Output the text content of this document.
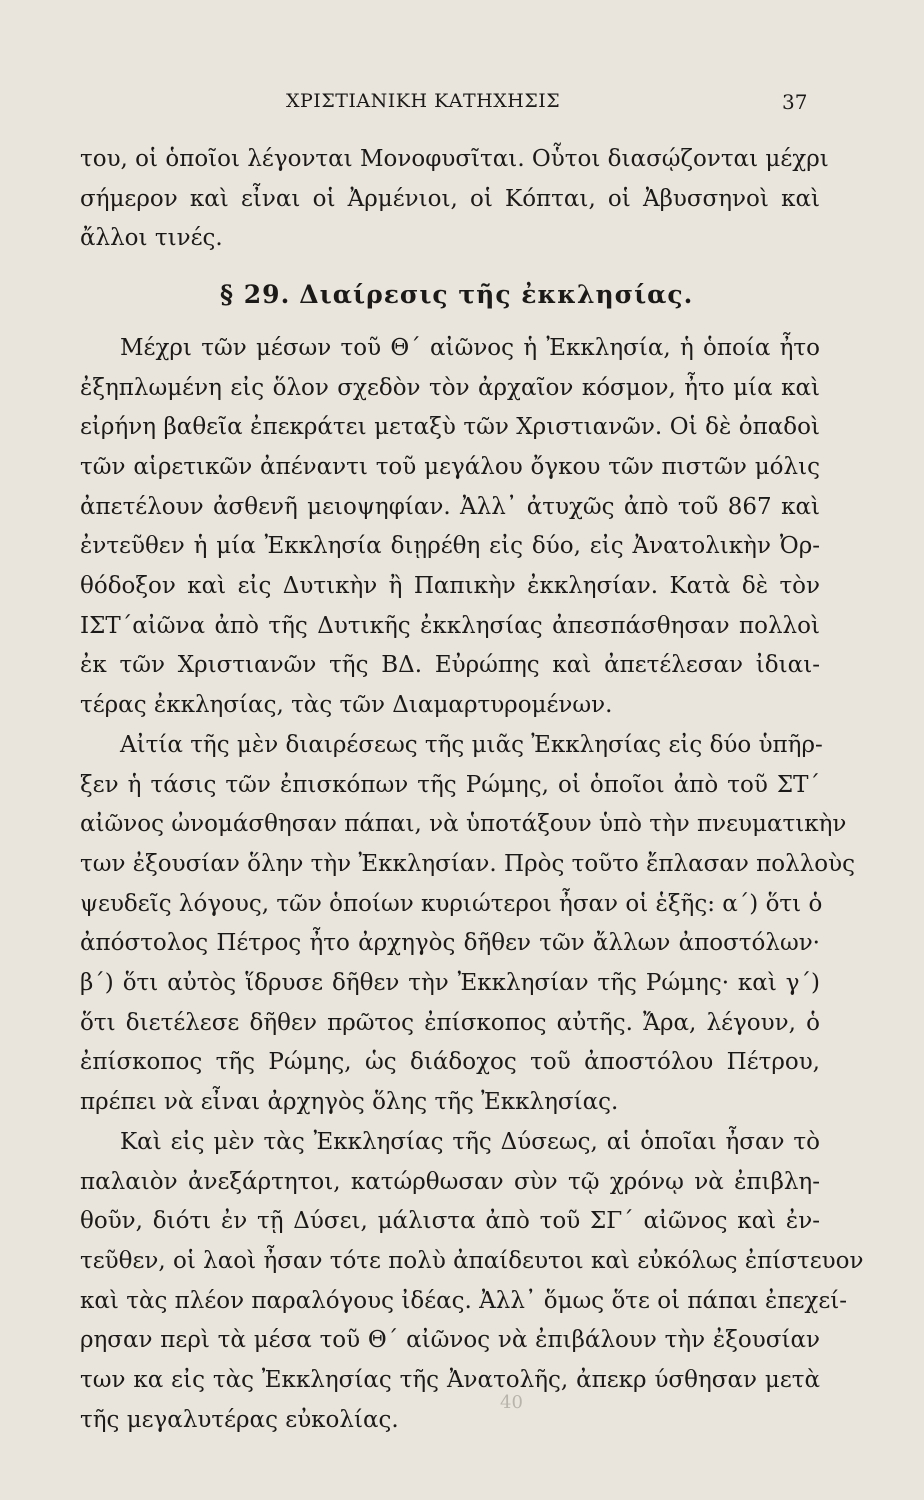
ΧΡΙΣΤΙΑΝΙΚΗ ΚΑΤΗΧΗΣΙΣ	37
του, οἱ ὁποῖοι λέγονται Μονοφυσῖται. Οὗτοι διασῴζονται μέχρι
σήμερον καὶ εἶναι οἱ Ἀρμένιοι, οἱ Κόπται, οἱ Ἀβυσσηνοὶ καὶ
ἄλλοι τινές.
§ 29. Διαίρεσις τῆς ἐκκλησίας.
Μέχρι τῶν μέσων τοῦ Θ΄ αἰῶνος ἡ Ἐκκλησία, ἡ ὁποία ἦτο
ἐξηπλωμένη εἰς ὅλον σχεδὸν τὸν ἀρχαῖον κόσμον, ἦτο μία καὶ
εἰρήνη βαθεῖα ἐπεκράτει μεταξὺ τῶν Χριστιανῶν. Οἱ δὲ ὀπαδοὶ
τῶν αἱρετικῶν ἀπέναντι τοῦ μεγάλου ὄγκου τῶν πιστῶν μόλις
ἀπετέλουν ἀσθενῆ μειοψηφίαν. Ἀλλ᾽ ἀτυχῶς ἀπὸ τοῦ 867 καὶ
ἐντεῦθεν ἡ μία Ἐκκλησία διῃρέθη εἰς δύο, εἰς Ἀνατολικὴν Ὀρ-
θόδοξον καὶ εἰς Δυτικὴν ἢ Παπικὴν ἐκκλησίαν. Κατὰ δὲ τὸν
ΙΣΤ΄αἰῶνα ἀπὸ τῆς Δυτικῆς ἐκκλησίας ἀπεσπάσθησαν πολλοὶ
ἐκ τῶν Χριστιανῶν τῆς ΒΔ. Εὐρώπης καὶ ἀπετέλεσαν ἰδιαι-
τέρας ἐκκλησίας, τὰς τῶν Διαμαρτυρομένων.
Αἰτία τῆς μὲν διαιρέσεως τῆς μιᾶς Ἐκκλησίας εἰς δύο ὑπῆρ-
ξεν ἡ τάσις τῶν ἐπισκόπων τῆς Ρώμης, οἱ ὁποῖοι ἀπὸ τοῦ ΣΤ΄
αἰῶνος ὠνομάσθησαν πάπαι, νὰ ὑποτάξουν ὑπὸ τὴν πνευματικὴν
των ἐξουσίαν ὅλην τὴν Ἐκκλησίαν. Πρὸς τοῦτο ἔπλασαν πολλοὺς
ψευδεῖς λόγους, τῶν ὁποίων κυριώτεροι ἦσαν οἱ ἑξῆς: α΄) ὅτι ὁ
ἀπόστολος Πέτρος ἦτο ἀρχηγὸς δῆθεν τῶν ἄλλων ἀποστόλων·
β΄) ὅτι αὐτὸς ἵδρυσε δῆθεν τὴν Ἐκκλησίαν τῆς Ρώμης· καὶ γ΄)
ὅτι διετέλεσε δῆθεν πρῶτος ἐπίσκοπος αὐτῆς. Ἄρα, λέγουν, ὁ
ἐπίσκοπος τῆς Ρώμης, ὡς διάδοχος τοῦ ἀποστόλου Πέτρου,
πρέπει νὰ εἶναι ἀρχηγὸς ὅλης τῆς Ἐκκλησίας.
Καὶ εἰς μὲν τὰς Ἐκκλησίας τῆς Δύσεως, αἱ ὁποῖαι ἦσαν τὸ
παλαιὸν ἀνεξάρτητοι, κατώρθωσαν σὺν τῷ χρόνῳ νὰ ἐπιβλη-
θοῦν, διότι ἐν τῇ Δύσει, μάλιστα ἀπὸ τοῦ ΣΓ΄ αἰῶνος καὶ ἐν-
τεῦθεν, οἱ λαοὶ ἦσαν τότε πολὺ ἀπαίδευτοι καὶ εὐκόλως ἐπίστευον
καὶ τὰς πλέον παραλόγους ἰδέας. Ἀλλ᾽ ὅμως ὅτε οἱ πάπαι ἐπεχεί-
ρησαν περὶ τὰ μέσα τοῦ Θ΄ αἰῶνος νὰ ἐπιβάλουν τὴν ἐξουσίαν
των κα εἰς τὰς Ἐκκλησίας τῆς Ἀνατολῆς, ἀπεκρ ύσθησαν μετὰ
τῆς μεγαλυτέρας εὐκολίας.
40
